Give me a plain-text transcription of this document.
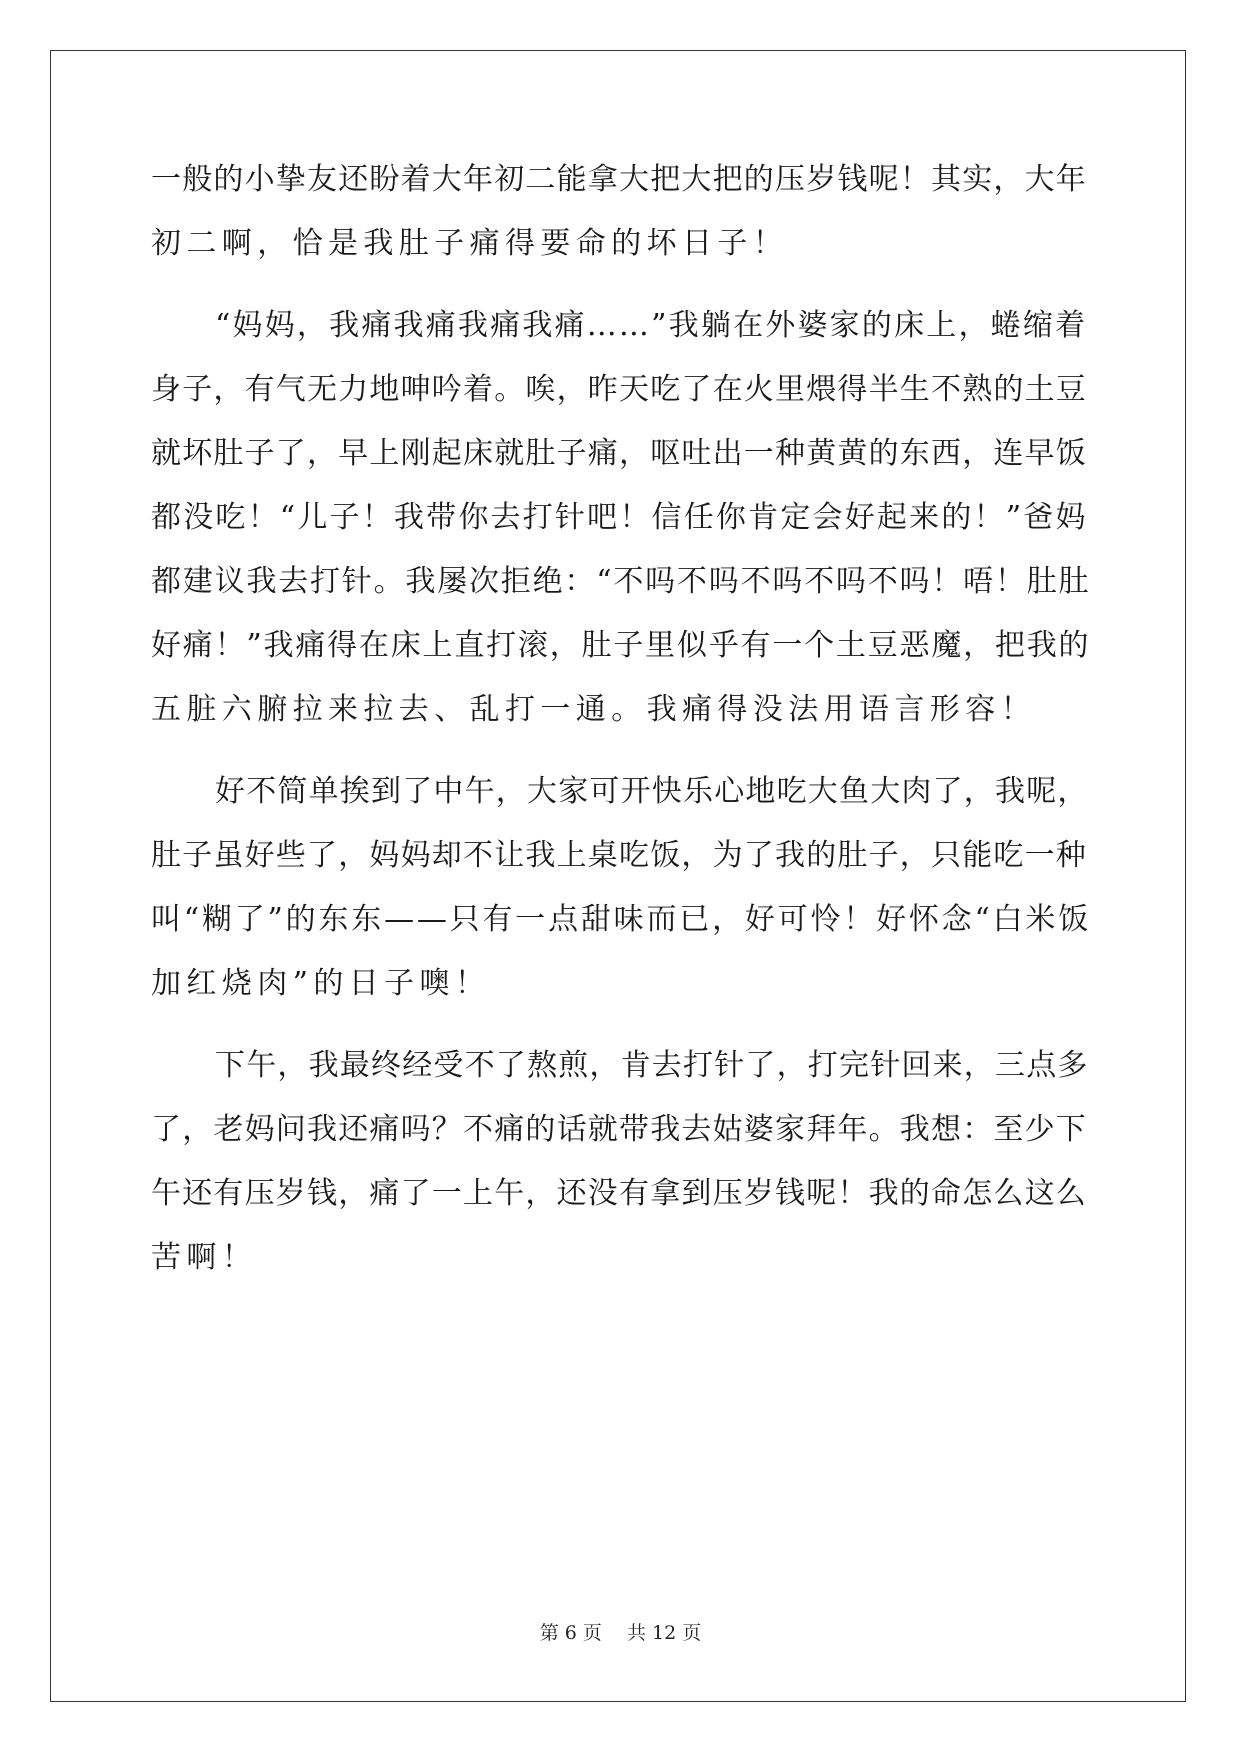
一般的小挚友还盼着大年初二能拿大把大把的压岁钱呢！其实，大年
初二啊，恰是我肚子痛得要命的坏日子！
“妈妈，我痛我痛我痛我痛……”我躺在外婆家的床上，蜷缩着
身子，有气无力地呻吟着。唉，昨天吃了在火里煨得半生不熟的土豆
就坏肚子了，早上刚起床就肚子痛，呕吐出一种黄黄的东西，连早饭
都没吃！“儿子！我带你去打针吧！信任你肯定会好起来的！”爸妈
都建议我去打针。我屡次拒绝：“不吗不吗不吗不吗不吗！唔！肚肚
好痛！”我痛得在床上直打滚，肚子里似乎有一个土豆恶魔，把我的
五脏六腑拉来拉去、乱打一通。我痛得没法用语言形容！
好不简单挨到了中午，大家可开快乐心地吃大鱼大肉了，我呢，
肚子虽好些了，妈妈却不让我上桌吃饭，为了我的肚子，只能吃一种
叫“糊了”的东东——只有一点甜味而已，好可怜！好怀念“白米饭
加红烧肉”的日子噢！
下午，我最终经受不了熬煎，肯去打针了，打完针回来，三点多
了，老妈问我还痛吗？不痛的话就带我去姑婆家拜年。我想：至少下
午还有压岁钱，痛了一上午，还没有拿到压岁钱呢！我的命怎么这么
苦啊！
第 6 页　 共 12 页
